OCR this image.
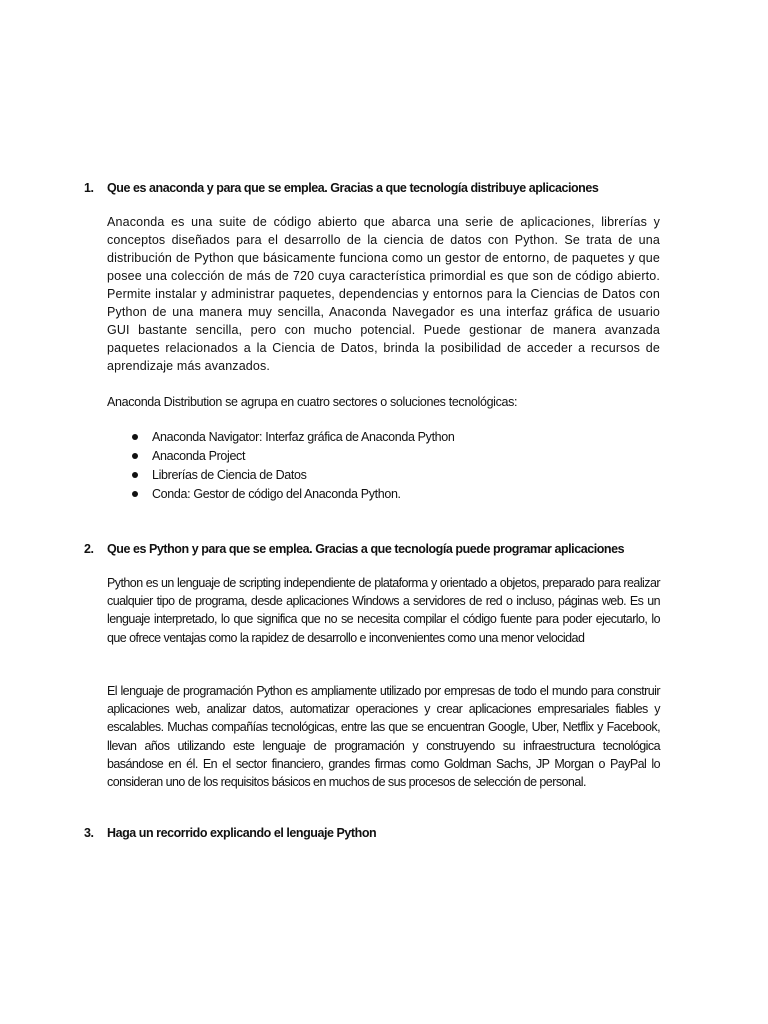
1. Que es anaconda y para que se emplea. Gracias a que tecnología distribuye aplicaciones

Anaconda es una suite de código abierto que abarca una serie de aplicaciones, librerías y conceptos diseñados para el desarrollo de la ciencia de datos con Python. Se trata de una distribución de Python que básicamente funciona como un gestor de entorno, de paquetes y que posee una colección de más de 720 cuya característica primordial es que son de código abierto. Permite instalar y administrar paquetes, dependencias y entornos para la Ciencias de Datos con Python de una manera muy sencilla, Anaconda Navegador es una interfaz gráfica de usuario GUI bastante sencilla, pero con mucho potencial. Puede gestionar de manera avanzada paquetes relacionados a la Ciencia de Datos, brinda la posibilidad de acceder a recursos de aprendizaje más avanzados.

Anaconda Distribution se agrupa en cuatro sectores o soluciones tecnológicas:

Anaconda Navigator: Interfaz gráfica de Anaconda Python
Anaconda Project
Librerías de Ciencia de Datos
Conda: Gestor de código del Anaconda Python.
2. Que es Python y para que se emplea. Gracias a que tecnología puede programar aplicaciones

Python es un lenguaje de scripting independiente de plataforma y orientado a objetos, preparado para realizar cualquier tipo de programa, desde aplicaciones Windows a servidores de red o incluso, páginas web. Es un lenguaje interpretado, lo que significa que no se necesita compilar el código fuente para poder ejecutarlo, lo que ofrece ventajas como la rapidez de desarrollo e inconvenientes como una menor velocidad

El lenguaje de programación Python es ampliamente utilizado por empresas de todo el mundo para construir aplicaciones web, analizar datos, automatizar operaciones y crear aplicaciones empresariales fiables y escalables. Muchas compañías tecnológicas, entre las que se encuentran Google, Uber, Netflix y Facebook, llevan años utilizando este lenguaje de programación y construyendo su infraestructura tecnológica basándose en él. En el sector financiero, grandes firmas como Goldman Sachs, JP Morgan o PayPal lo consideran uno de los requisitos básicos en muchos de sus procesos de selección de personal.

3. Haga un recorrido explicando el lenguaje Python
